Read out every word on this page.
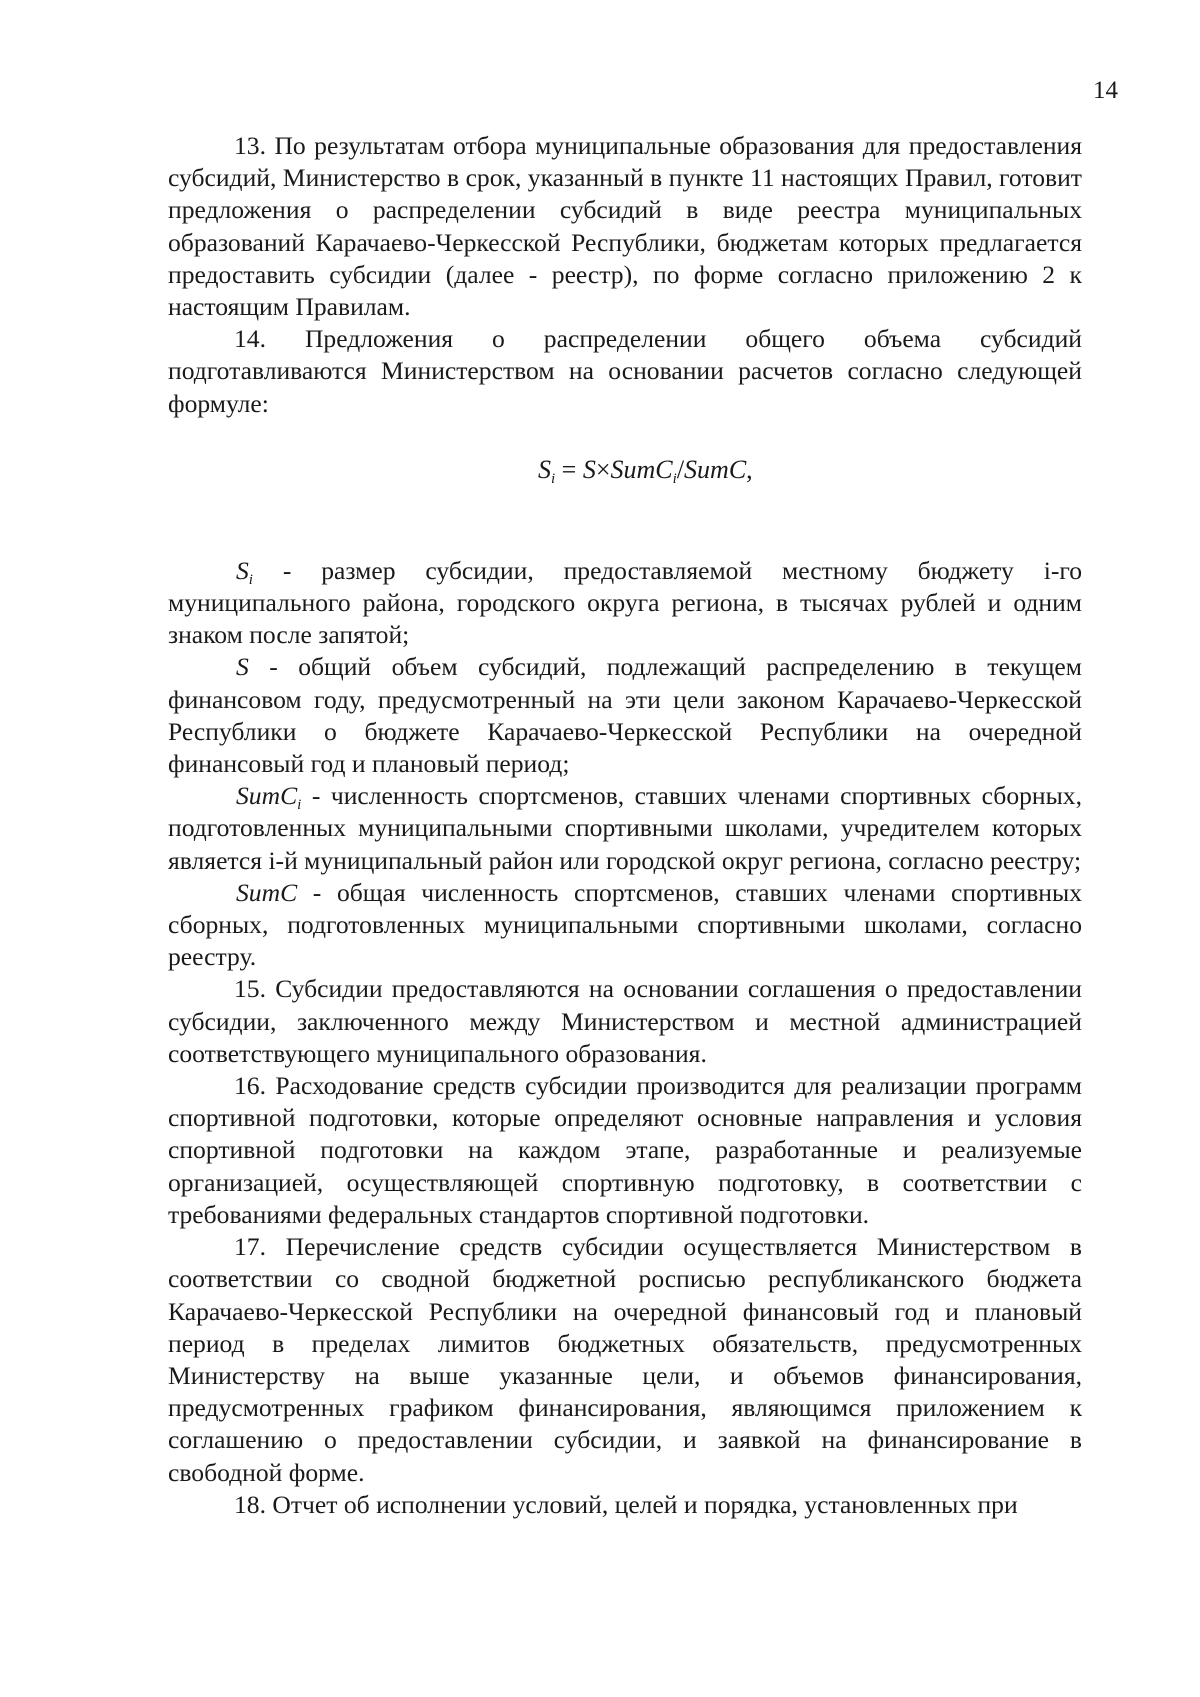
14

13. По результатам отбора муниципальные образования для предоставления субсидий, Министерство в срок, указанный в пункте 11 настоящих Правил, готовит предложения о распределении субсидий в виде реестра муниципальных образований Карачаево-Черкесской Республики, бюджетам которых предлагается предоставить субсидии (далее - реестр), по форме согласно приложению 2 к настоящим Правилам.

14. Предложения о распределении общего объема субсидий подготавливаются Министерством на основании расчетов согласно следующей формуле:

$S_i$ = S×SumC$_i$/SumC,

$S_i$ - размер субсидии, предоставляемой местному бюджету i-го муниципального района, городского округа региона, в тысячах рублей и одним знаком после запятой;

S - общий объем субсидий, подлежащий распределению в текущем финансовом году, предусмотренный на эти цели законом Карачаево-Черкесской Республики о бюджете Карачаево-Черкесской Республики на очередной финансовый год и плановый период;

SumC$_i$ - численность спортсменов, ставших членами спортивных сборных, подготовленных муниципальными спортивными школами, учредителем которых является i-й муниципальный район или городской округ региона, согласно реестру;

SumC - общая численность спортсменов, ставших членами спортивных сборных, подготовленных муниципальными спортивными школами, согласно реестру.

15. Субсидии предоставляются на основании соглашения о предоставлении субсидии, заключенного между Министерством и местной администрацией соответствующего муниципального образования.

16. Расходование средств субсидии производится для реализации программ спортивной подготовки, которые определяют основные направления и условия спортивной подготовки на каждом этапе, разработанные и реализуемые организацией, осуществляющей спортивную подготовку, в соответствии с требованиями федеральных стандартов спортивной подготовки.

17. Перечисление средств субсидии осуществляется Министерством в соответствии со сводной бюджетной росписью республиканского бюджета Карачаево-Черкесской Республики на очередной финансовый год и плановый период в пределах лимитов бюджетных обязательств, предусмотренных Министерству на выше указанные цели, и объемов финансирования, предусмотренных графиком финансирования, являющимся приложением к соглашению о предоставлении субсидии, и заявкой на финансирование в свободной форме.

18. Отчет об исполнении условий, целей и порядка, установленных при
